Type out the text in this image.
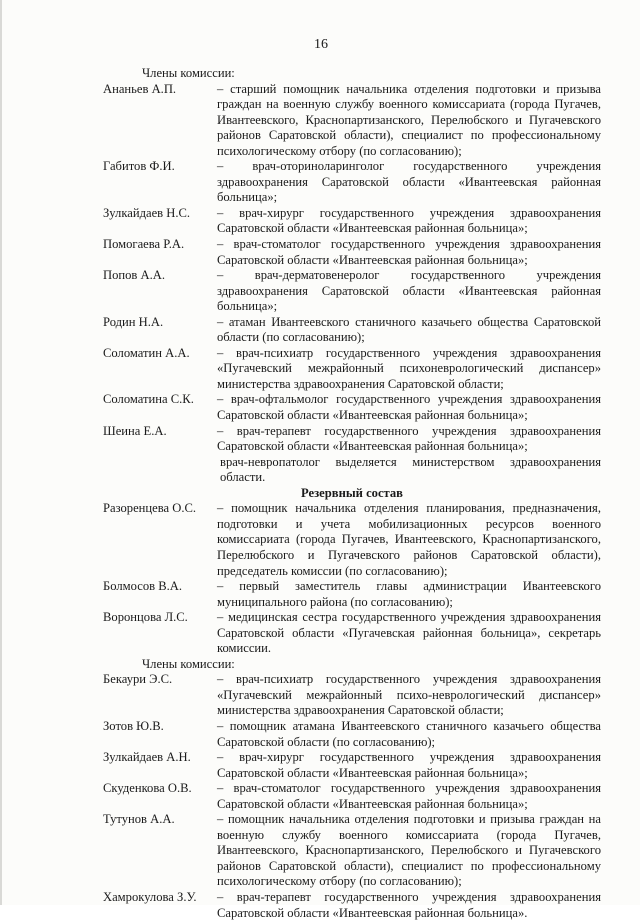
16
Члены комиссии:
Ананьев А.П.	– старший помощник начальника отделения подготовки и призыва граждан на военную службу военного комиссариата (города Пугачев, Ивантеевского, Краснопартизанского, Перелюбского и Пугачевского районов Саратовской области), специалист по профессиональному психологическому отбору (по согласованию);
Габитов Ф.И.	– врач-оториноларинголог государственного учреждения здравоохранения Саратовской области «Ивантеевская районная больница»;
Зулкайдаев Н.С.	– врач-хирург государственного учреждения здравоохранения Саратовской области «Ивантеевская районная больница»;
Помогаева Р.А.	– врач-стоматолог государственного учреждения здравоохранения Саратовской области «Ивантеевская районная больница»;
Попов А.А.	– врач-дерматовенеролог государственного учреждения здравоохранения Саратовской области «Ивантеевская районная больница»;
Родин Н.А.	– атаман Ивантеевского станичного казачьего общества Саратовской области (по согласованию);
Соломатин А.А.	– врач-психиатр государственного учреждения здравоохранения «Пугачевский межрайонный психоневрологический диспансер» министерства здравоохранения Саратовской области;
Соломатина С.К.	– врач-офтальмолог государственного учреждения здравоохранения Саратовской области «Ивантеевская районная больница»;
Шеина Е.А.	– врач-терапевт государственного учреждения здравоохранения Саратовской области «Ивантеевская районная больница»;
врач-невропатолог выделяется министерством здравоохранения области.
Резервный состав
Разоренцева О.С.	– помощник начальника отделения планирования, предназначения, подготовки и учета мобилизационных ресурсов военного комиссариата (города Пугачев, Ивантеевского, Краснопартизанского, Перелюбского и Пугачевского районов Саратовской области), председатель комиссии (по согласованию);
Болмосов В.А.	– первый заместитель главы администрации Ивантеевского муниципального района (по согласованию);
Воронцова Л.С.	– медицинская сестра государственного учреждения здравоохранения Саратовской области «Пугачевская районная больница», секретарь комиссии.
Члены комиссии:
Бекаури Э.С.	– врач-психиатр государственного учреждения здравоохранения «Пугачевский межрайонный психо-неврологический диспансер» министерства здравоохранения Саратовской области;
Зотов Ю.В.	– помощник атамана Ивантеевского станичного казачьего общества Саратовской области (по согласованию);
Зулкайдаев А.Н.	– врач-хирург государственного учреждения здравоохранения Саратовской области «Ивантеевская районная больница»;
Скуденкова О.В.	– врач-стоматолог государственного учреждения здравоохранения Саратовской области «Ивантеевская районная больница»;
Тутунов А.А.	– помощник начальника отделения подготовки и призыва граждан на военную службу военного комиссариата (города Пугачев, Ивантеевского, Краснопартизанского, Перелюбского и Пугачевского районов Саратовской области), специалист по профессиональному психологическому отбору (по согласованию);
Хамрокулова З.У.	– врач-терапевт государственного учреждения здравоохранения Саратовской области «Ивантеевская районная больница».
